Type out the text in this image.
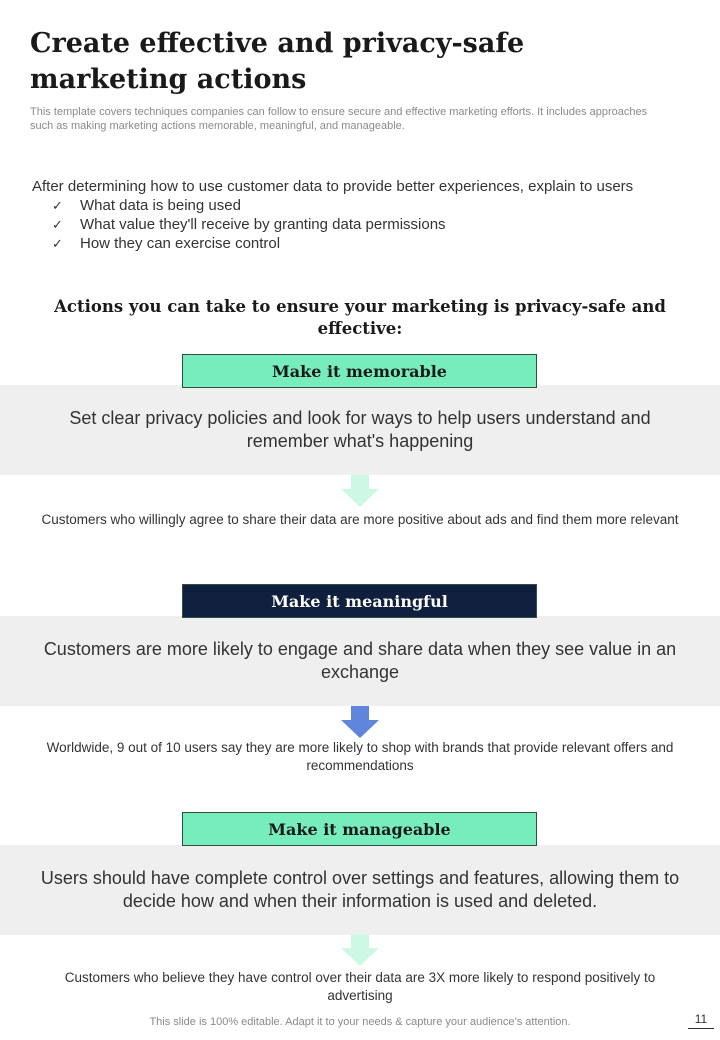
Create effective and privacy-safe marketing actions
This template covers techniques companies can follow to ensure secure and effective marketing efforts. It includes approaches such as making marketing actions memorable, meaningful, and manageable.
After determining how to use customer data to provide better experiences, explain to users
✓ What data is being used
✓ What value they'll receive by granting data permissions
✓ How they can exercise control
Actions you can take to ensure your marketing is privacy-safe and effective:
Set clear privacy policies and look for ways to help users understand and remember what's happening
Make it memorable
Customers who willingly agree to share their data are more positive about ads and find them more relevant
Customers are more likely to engage and share data when they see value in an exchange
Make it meaningful
Worldwide, 9 out of 10 users say they are more likely to shop with brands that provide relevant offers and recommendations
Users should have complete control over settings and features, allowing them to decide how and when their information is used and deleted.
Make it manageable
Customers who believe they have control over their data are 3X more likely to respond positively to advertising
This slide is 100% editable. Adapt it to your needs & capture your audience’s attention.	11
